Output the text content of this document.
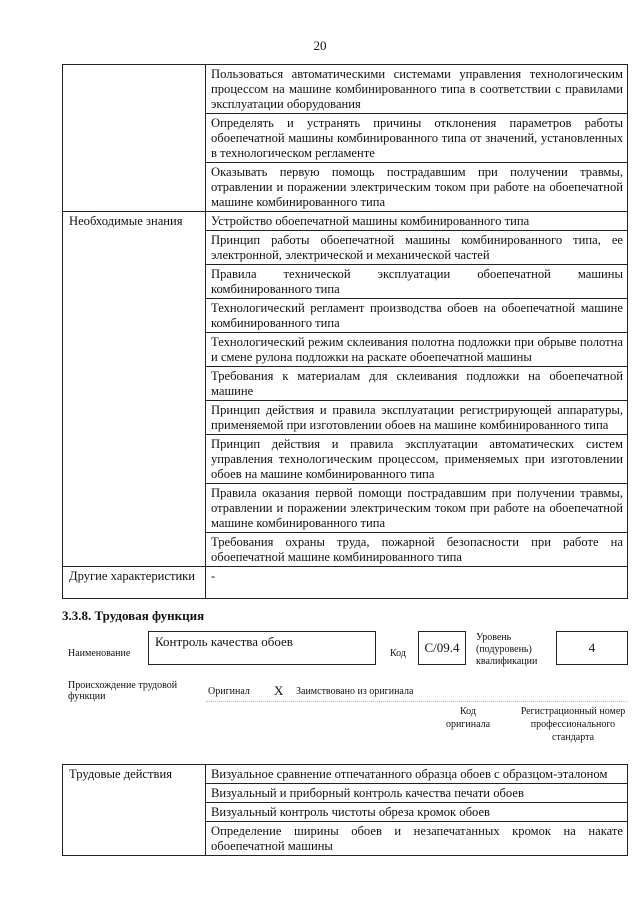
20
	Пользоваться автоматическими системами управления технологическим процессом на машине комбинированного типа в соответствии с правилами эксплуатации оборудования
	Определять и устранять причины отклонения параметров работы обоепечатной машины комбинированного типа от значений, установленных в технологическом регламенте
	Оказывать первую помощь пострадавшим при получении травмы, отравлении и поражении электрическим током при работе на обоепечатной машине комбинированного типа
Необходимые знания	Устройство обоепечатной машины комбинированного типа
	Принцип работы обоепечатной машины комбинированного типа, ее электронной, электрической и механической частей
	Правила технической эксплуатации обоепечатной машины комбинированного типа
	Технологический регламент производства обоев на обоепечатной машине комбинированного типа
	Технологический режим склеивания полотна подложки при обрыве полотна и смене рулона подложки на раскате обоепечатной машины
	Требования к материалам для склеивания подложки на обоепечатной машине
	Принцип действия и правила эксплуатации регистрирующей аппаратуры, применяемой при изготовлении обоев на машине комбинированного типа
	Принцип действия и правила эксплуатации автоматических систем управления технологическим процессом, применяемых при изготовлении обоев на машине комбинированного типа
	Правила оказания первой помощи пострадавшим при получении травмы, отравлении и поражении электрическим током при работе на обоепечатной машине комбинированного типа
	Требования охраны труда, пожарной безопасности при работе на обоепечатной машине комбинированного типа
Другие характеристики	-
3.3.8. Трудовая функция
Наименование
Контроль качества обоев
Код	C/09.4
Уровень
(подуровень)
квалификации
4
Происхождение трудовой функции	Оригинал X Заимствовано из оригинала
Код оригинала
Регистрационный номер профессионального стандарта
Трудовые действия	Визуальное сравнение отпечатанного образца обоев с образцом-эталоном
Визуальный и приборный контроль качества печати обоев
Визуальный контроль чистоты обреза кромок обоев
Определение ширины обоев и незапечатанных кромок на накате обоепечатной машины
